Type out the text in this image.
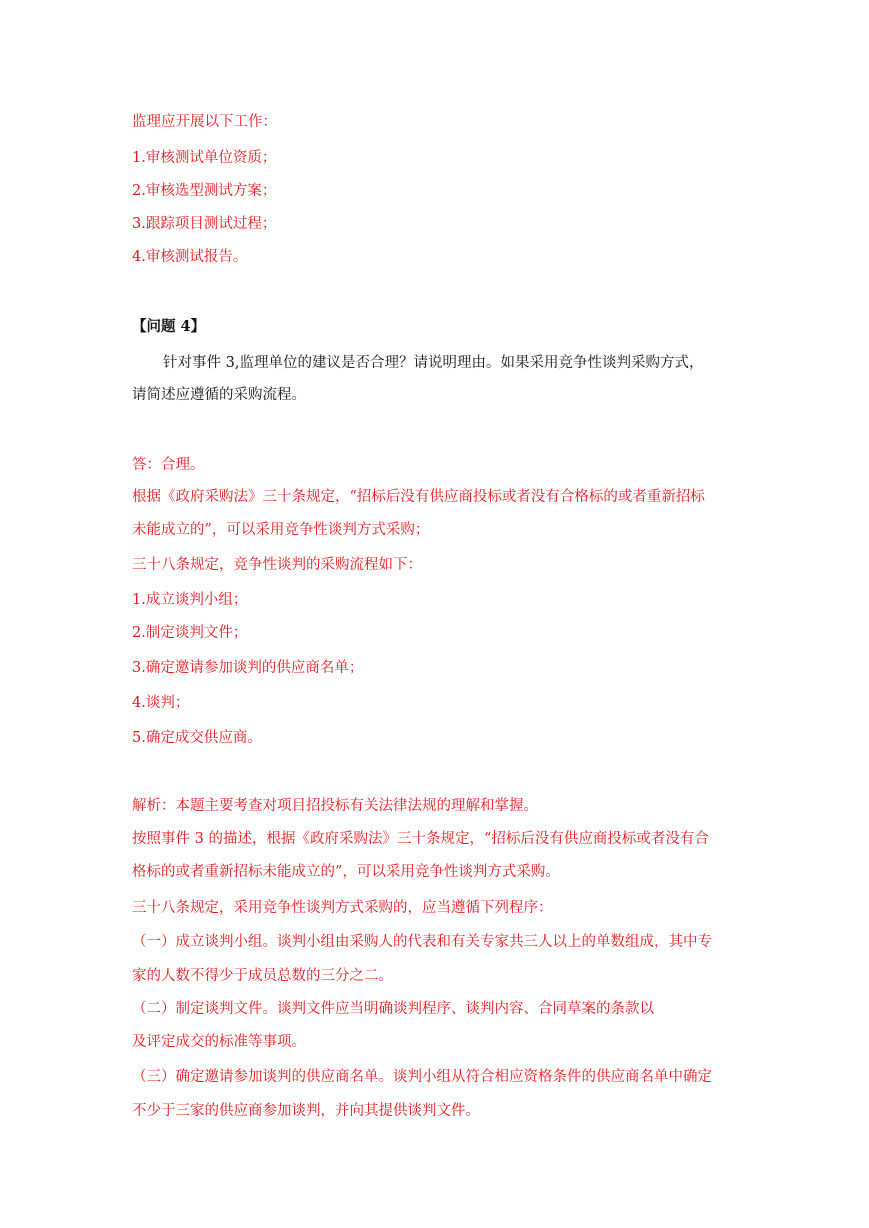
监理应开展以下工作：
1.审核测试单位资质；
2.审核选型测试方案；
3.跟踪项目测试过程；
4.审核测试报告。
【问题 4】
针对事件 3,监理单位的建议是否合理？请说明理由。如果采用竞争性谈判采购方式，
请简述应遵循的采购流程。
答：合理。
根据《政府采购法》三十条规定，“招标后没有供应商投标或者没有合格标的或者重新招标
未能成立的”，可以采用竞争性谈判方式采购；
三十八条规定，竞争性谈判的采购流程如下：
1.成立谈判小组；
2.制定谈判文件；
3.确定邀请参加谈判的供应商名单；
4.谈判；
5.确定成交供应商。
解析：本题主要考查对项目招投标有关法律法规的理解和掌握。
按照事件 3 的描述，根据《政府采购法》三十条规定，“招标后没有供应商投标或者没有合
格标的或者重新招标未能成立的”，可以采用竞争性谈判方式采购。
三十八条规定，采用竞争性谈判方式采购的，应当遵循下列程序：
（一）成立谈判小组。谈判小组由采购人的代表和有关专家共三人以上的单数组成，其中专
家的人数不得少于成员总数的三分之二。
（二）制定谈判文件。谈判文件应当明确谈判程序、谈判内容、合同草案的条款以
及评定成交的标准等事项。
（三）确定邀请参加谈判的供应商名单。谈判小组从符合相应资格条件的供应商名单中确定
不少于三家的供应商参加谈判，并向其提供谈判文件。
